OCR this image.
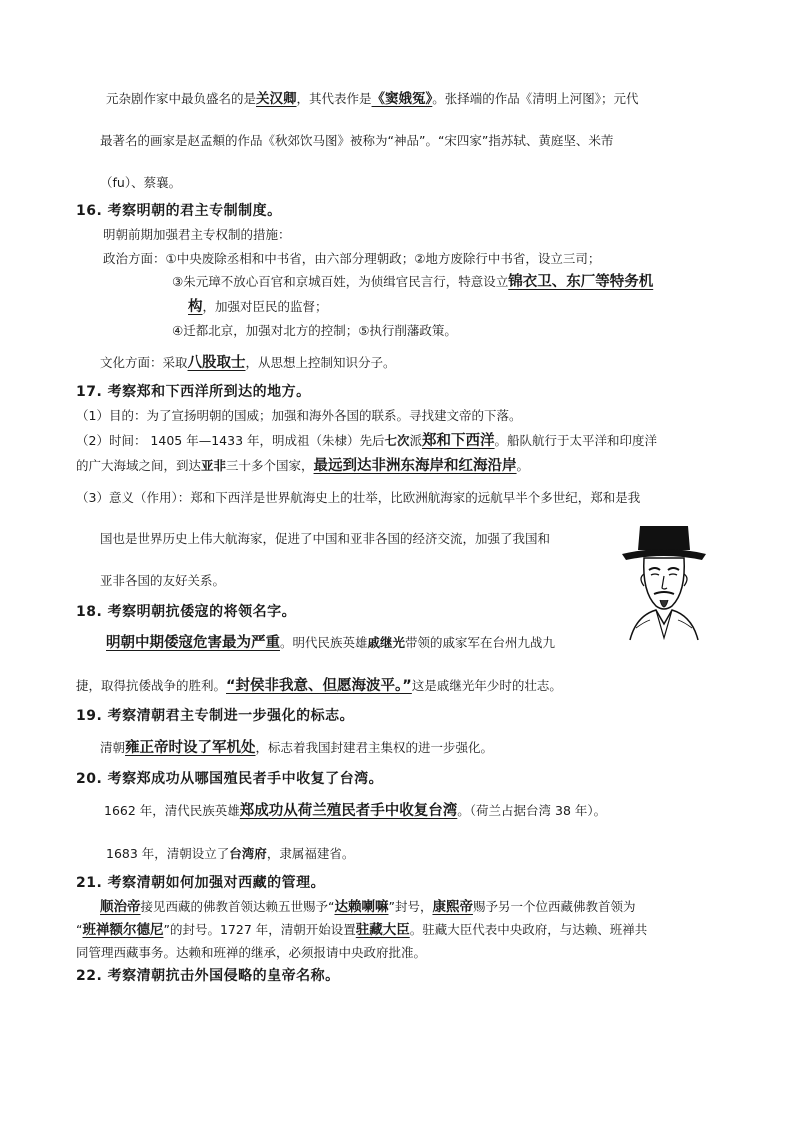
元杂剧作家中最负盛名的是关汉卿，其代表作是《窦娥冤》。张择端的作品《清明上河图》；元代
最著名的画家是赵孟頫的作品《秋郊饮马图》被称为“神品”。“宋四家”指苏轼、黄庭坚、米芾
（fu）、蔡襄。
16. 考察明朝的君主专制制度。
明朝前期加强君主专权制的措施：
政治方面：①中央废除丞相和中书省，由六部分理朝政；②地方废除行中书省，设立三司；
③朱元璋不放心百官和京城百姓，为侦缉官民言行，特意设立锦衣卫、东厂等特务机
构，加强对臣民的监督；
④迁都北京，加强对北方的控制；⑤执行削藩政策。
文化方面：采取八股取士，从思想上控制知识分子。
17. 考察郑和下西洋所到达的地方。
（1）目的：为了宣扬明朝的国威；加强和海外各国的联系。寻找建文帝的下落。
（2）时间： 1405 年—1433 年，明成祖（朱棣）先后七次派郑和下西洋。船队航行于太平洋和印度洋
的广大海域之间，到达亚非三十多个国家，最远到达非洲东海岸和红海沿岸。
（3）意义（作用）：郑和下西洋是世界航海史上的壮举，比欧洲航海家的远航早半个多世纪，郑和是我
国也是世界历史上伟大航海家，促进了中国和亚非各国的经济交流，加强了我国和
亚非各国的友好关系。
18. 考察明朝抗倭寇的将领名字。
明朝中期倭寇危害最为严重。明代民族英雄戚继光带领的戚家军在台州九战九
捷，取得抗倭战争的胜利。“封侯非我意、但愿海波平。”这是戚继光年少时的壮志。
19. 考察清朝君主专制进一步强化的标志。
清朝雍正帝时设了军机处，标志着我国封建君主集权的进一步强化。
20. 考察郑成功从哪国殖民者手中收复了台湾。
1662 年，清代民族英雄郑成功从荷兰殖民者手中收复台湾。（荷兰占据台湾 38 年）。
1683 年，清朝设立了台湾府，隶属福建省。
21. 考察清朝如何加强对西藏的管理。
顺治帝接见西藏的佛教首领达赖五世赐予“达赖喇嘛”封号，康熙帝赐予另一个位西藏佛教首领为
“班禅额尔德尼”的封号。1727 年，清朝开始设置驻藏大臣。驻藏大臣代表中央政府，与达赖、班禅共
同管理西藏事务。达赖和班禅的继承，必须报请中央政府批准。
22. 考察清朝抗击外国侵略的皇帝名称。
